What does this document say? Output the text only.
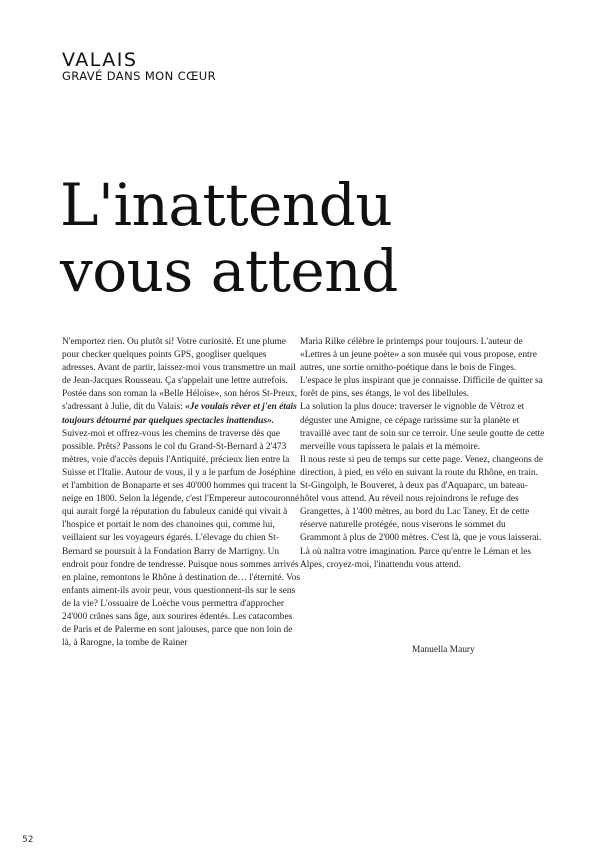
VALAIS
GRAVÉ DANS MON CŒUR
L'inattendu
vous attend

N'emportez rien. Ou plutôt si! Votre curiosité. Et une plume pour checker quelques points GPS, googliser quelques adresses. Avant de partir, laissez-moi vous transmettre un mail de Jean-Jacques Rousseau. Ça s'appelait une lettre autrefois. Postée dans son roman la «Belle Héloïse», son héros St-Preux, s'adressant à Julie, dit du Valais: «Je voulais rêver et j'en étais toujours détourné par quelques spectacles inattendus». Suivez-moi et offrez-vous les chemins de traverse dès que possible. Prêts? Passons le col du Grand-St-Bernard à 2'473 mètres, voie d'accès depuis l'Antiquité, précieux lien entre la Suisse et l'Italie. Autour de vous, il y a le parfum de Joséphine et l'ambition de Bonaparte et ses 40'000 hommes qui tracent la neige en 1800. Selon la légende, c'est l'Empereur autocouronné qui aurait forgé la réputation du fabuleux canidé qui vivait à l'hospice et portait le nom des chanoines qui, comme lui, veillaient sur les voyageurs égarés. L'élevage du chien St-Bernard se poursuit à la Fondation Barry de Martigny. Un endroit pour fondre de tendresse. Puisque nous sommes arrivés en plaine, remontons le Rhône à destination de… l'éternité. Vos enfants aiment-ils avoir peur, vous questionnent-ils sur le sens de la vie? L'ossuaire de Loèche vous permettra d'approcher 24'000 crânes sans âge, aux sourires édentés. Les catacombes de Paris et de Palerme en sont jalouses, parce que non loin de là, à Rarogne, la tombe de Rainer

Maria Rilke célèbre le printemps pour toujours. L'auteur de «Lettres à un jeune poète» a son musée qui vous propose, entre autres, une sortie ornitho-poétique dans le bois de Finges. L'espace le plus inspirant que je connaisse. Difficile de quitter sa forêt de pins, ses étangs, le vol des libellules.

La solution la plus douce: traverser le vignoble de Vétroz et déguster une Amigne, ce cépage rarissime sur la planète et travaillé avec tant de soin sur ce terroir. Une seule goutte de cette merveille vous tapissera le palais et la mémoire.

Il nous reste si peu de temps sur cette page. Venez, changeons de direction, à pied, en vélo en suivant la route du Rhône, en train. St-Gingolph, le Bouveret, à deux pas d'Aquaparc, un bateau-hôtel vous attend. Au réveil nous rejoindrons le refuge des Grangettes, à 1'400 mètres, au bord du Lac Taney. Et de cette réserve naturelle protégée, nous viserons le sommet du Grammont à plus de 2'000 mètres. C'est là, que je vous laisserai. Là où naîtra votre imagination. Parce qu'entre le Léman et les Alpes, croyez-moi, l'inattendu vous attend.

Manuella Maury
52
